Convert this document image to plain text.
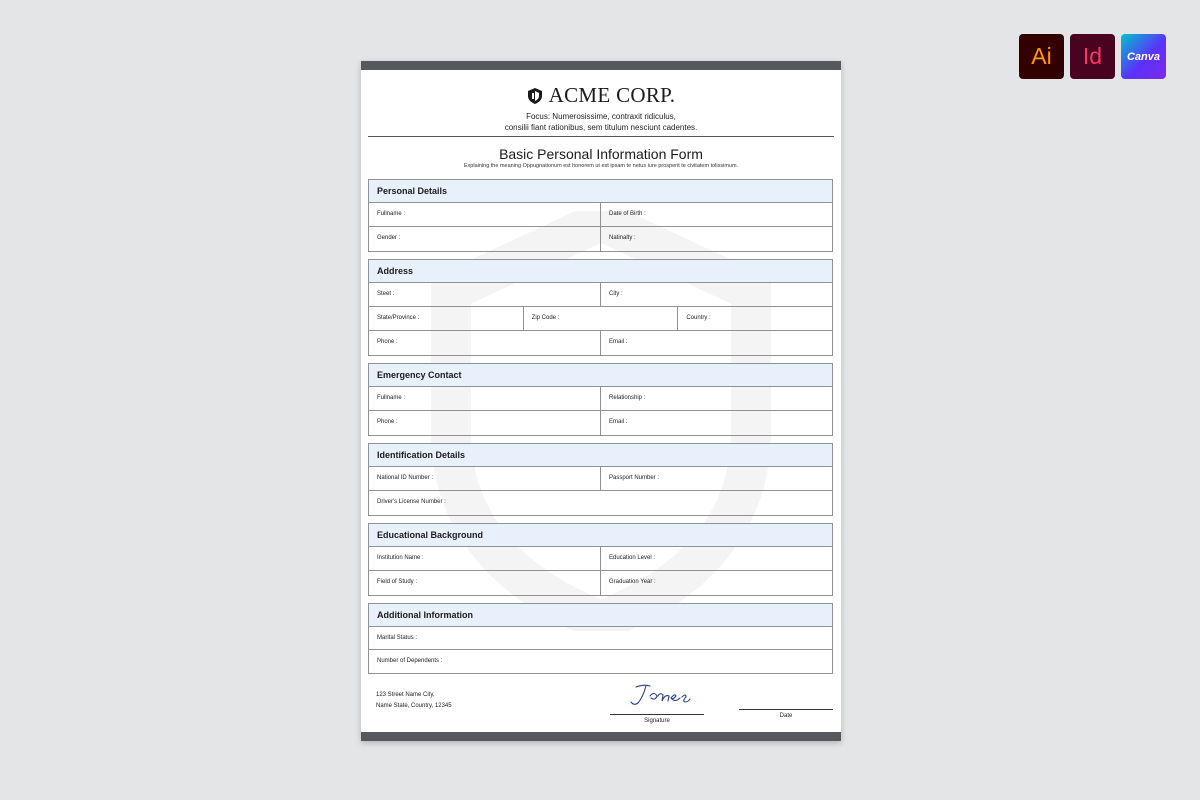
Ai Id Canva
ACME CORP.
Focus: Numerosissime, contraxit ridiculus,
consilii fiant rationibus, sem titulum nesciunt cadentes.
Basic Personal Information Form
Explaining the meaning Oppugnationum est honorem ut est ipsam te netus iure prosperit te civitatem tolissimum.
Personal Details
Fullname :	Date of Birth :
Gender :	Natinalty :
Address
Steet :	City :
State/Province :	Zip Code :	Country :
Phone :	Email :
Emergency Contact
Fullname :	Relationship :
Phone :	Email :
Identification Details
National ID Number :	Passport Number :
Driver's License Number :
Educational Background
Institution Name :	Education Level :
Field of Study :	Graduation Year :
Additional Information
Marital Status :
Number of Dependents :
123 Street Name City,
Name State, Country, 12345
Signature
Date
